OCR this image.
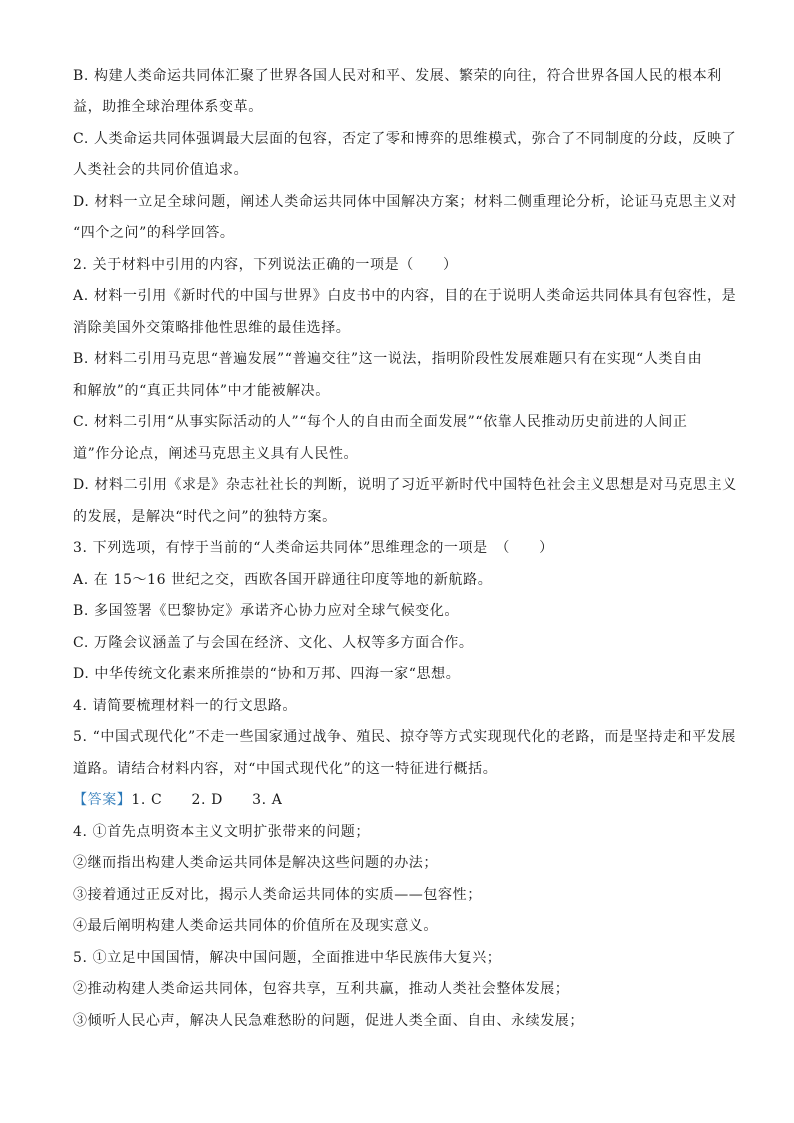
B. 构建人类命运共同体汇聚了世界各国人民对和平、发展、繁荣的向往，符合世界各国人民的根本利
益，助推全球治理体系变革。
C. 人类命运共同体强调最大层面的包容，否定了零和博弈的思维模式，弥合了不同制度的分歧，反映了
人类社会的共同价值追求。
D. 材料一立足全球问题，阐述人类命运共同体中国解决方案；材料二侧重理论分析，论证马克思主义对
“四个之问”的科学回答。
2. 关于材料中引用的内容，下列说法正确的一项是（　　）
A. 材料一引用《新时代的中国与世界》白皮书中的内容，目的在于说明人类命运共同体具有包容性，是
消除美国外交策略排他性思维的最佳选择。
B. 材料二引用马克思“普遍发展”“普遍交往”这一说法，指明阶段性发展难题只有在实现“人类自由
和解放”的“真正共同体”中才能被解决。
C. 材料二引用“从事实际活动的人”“每个人的自由而全面发展”“依靠人民推动历史前进的人间正
道”作分论点，阐述马克思主义具有人民性。
D. 材料二引用《求是》杂志社社长的判断，说明了习近平新时代中国特色社会主义思想是对马克思主义
的发展，是解决“时代之问”的独特方案。
3. 下列选项，有悖于当前的“人类命运共同体”思维理念的一项是　（　　）
A. 在 15～16 世纪之交，西欧各国开辟通往印度等地的新航路。
B. 多国签署《巴黎协定》承诺齐心协力应对全球气候变化。
C. 万隆会议涵盖了与会国在经济、文化、人权等多方面合作。
D. 中华传统文化素来所推崇的“协和万邦、四海一家“思想。
4. 请简要梳理材料一的行文思路。
5. “中国式现代化”不走一些国家通过战争、殖民、掠夺等方式实现现代化的老路，而是坚持走和平发展
道路。请结合材料内容，对“中国式现代化”的这一特征进行概括。
【答案】1. C　　2. D　　3. A
4. ①首先点明资本主义文明扩张带来的问题；
②继而指出构建人类命运共同体是解决这些问题的办法；
③接着通过正反对比，揭示人类命运共同体的实质——包容性；
④最后阐明构建人类命运共同体的价值所在及现实意义。
5. ①立足中国国情，解决中国问题，全面推进中华民族伟大复兴；
②推动构建人类命运共同体，包容共享，互利共赢，推动人类社会整体发展；
③倾听人民心声，解决人民急难愁盼的问题，促进人类全面、自由、永续发展；
